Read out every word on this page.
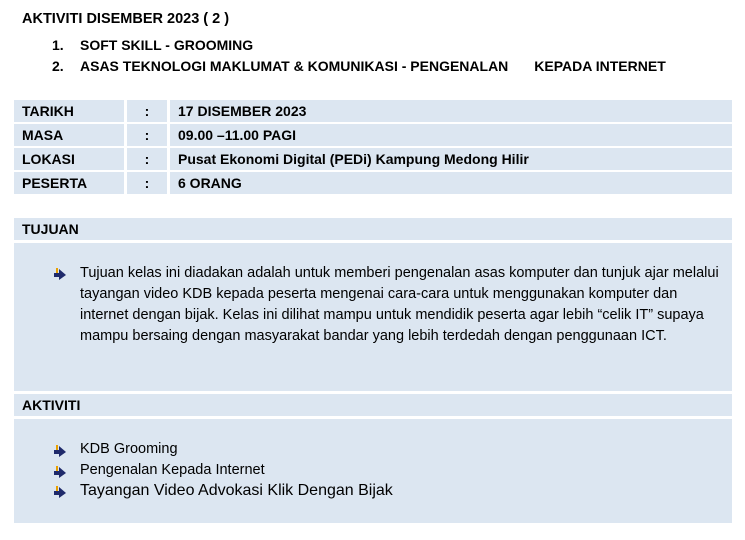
AKTIVITI DISEMBER 2023 ( 2 )
1. SOFT SKILL - GROOMING
2. ASAS TEKNOLOGI MAKLUMAT & KOMUNIKASI - PENGENALAN KEPADA INTERNET
TARIKH	:	17 DISEMBER 2023
MASA	:	09.00 –11.00 PAGI
LOKASI	:	Pusat Ekonomi Digital (PEDi) Kampung Medong Hilir
PESERTA	:	6 ORANG
TUJUAN
Tujuan kelas ini diadakan adalah untuk memberi pengenalan asas komputer dan tunjuk ajar melalui tayangan video KDB kepada peserta mengenai cara-cara untuk menggunakan komputer dan internet dengan bijak. Kelas ini dilihat mampu untuk mendidik peserta agar lebih “celik IT” supaya mampu bersaing dengan masyarakat bandar yang lebih terdedah dengan penggunaan ICT.
AKTIVITI
KDB Grooming
Pengenalan Kepada Internet
Tayangan Video Advokasi Klik Dengan Bijak
